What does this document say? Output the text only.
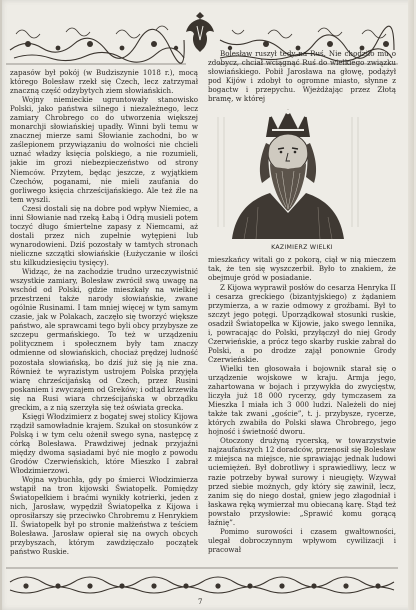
zapasów był pokój (w Budziszynie 1018 r.), mocą którego Bolesław rzekł się Czech, lecz zatrzymał znaczną część odzybytych ziem słowiańskich.

Wojny niemieckie ugruntowały stanowisko Polski, jako państwa silnego i niezależnego, lecz zamiary Chrobrego co do utworzenia większej monarchji słowiańskiej upadły. Winni byli temu w znacznej mierze sami Słowianie zachodni, bo w zaślepionem przywiązaniu do wolności nie chcieli uznać władzy księcia polskiego, a nie rozumieli, jakie im grozi niebezpieczeństwo od strony Niemców. Przytem, będąc jeszcze, z wyjątkiem Czechów, poganami, nie mieli zaufania do gorliwego księcia chrześcijańskiego. Ale też źle na tem wyszli.

Czesi dostali się na dobre pod wpływ Niemiec, a inni Słowianie nad rzeką Łabą i Odrą musieli potem toczyć długo śmiertelne zapasy z Niemcami, aż dostali przez nich zupełnie wytępieni lub wynarodowieni. Dziś pozostały w tamtych stronach nieliczne szczątki słowiańskie (Łużyczanie w ilości stu kilkudziesięciu tysięcy).

Widząc, że na zachodzie trudno urzeczywistnić wszystkie zamiary, Bolesław zwrócił swą uwagę na wschód od Polski, gdzie mieszkały na wielkiej przestrzeni także narody słowiańskie, zwane ogólnie Rusinami. I tam mniej więcej w tym samym czasie, jak w Polakach, zaczęło się tworzyć większe państwo, ale sprawcami tego byli obcy przybysze ze szczepu germańskiego. To też w urządzeniu politycznem i społecznem były tam znaczy odmienne od słowiańskich, chociaż prędzej ludność pozostała słowiańską, bo dziś już się ją nie zna. Również te wyrazistym ustrojem Polska przyjęła wiarę chrześcijańską od Czech, przez Rusini poskaniem i zwyczajem od Greków; i odtąd krzewiła się na Rusi wiara chrześcijańska w obrządku greckim, a z nią szerzyła się też oświata grecka.

Księgi Włodzimierz z bogatej swej stolicy Kijowa rządził samowładnie krajem. Szukał on stosunków z Polską i w tym celu ożenił swego syna, następcę z córką Bolesława. Prawdziwej jednak przyjaźni między dwoma sąsiadami być nie mogło z powodu Grodów Czerwieńskich, które Mieszko I zabrał Włodzimierzowi.

Wojna wybuchła, gdy po śmierci Włodzimierza wstąpił na tron kijowski Światopełk. Pomiędzy Światopełkiem i braćmi wynikły kotrierki, jeden z nich, Jarosław, wypędził Światopełka z Kijowa i oprosiłarszy się przeciwko Chrobremu z Henrykiem II. Światopełk był po stronie małżeństwa z teściem Bolesława. Jarosław opierał się na owych obcych przybyszach, którym zawdzięczało początek państwo Ruskie.

Bolesław ruszył tedy na Ruś. Nie chodziło mu o zdobycz, chciał wciągnąć Ruś do wielkiego związku słowiańskiego. Pobił Jarosława na głowę, podążył pod Kijów i zdobył to ogromne miasto, słynne z bogactw i przepychu. Wjeżdżając przez Złotą bramę, w której

KAZIMIERZ WIELKI

mieszkańcy witali go z pokorą, ciął w nią mieczem tak, że ten się wyszczerbił. Było to znakiem, że obejmuje gród w posiadanie.

Z Kijowa wyprawił posłów do cesarza Henryka II i cesarza greckiego (bizantyjskiego) z żądaniem przymierza, a w razie odmowy z groźbami. Był to szczyt jego potęgi. Uporządkował stosunki ruskie, osadził Światopełka w Kijowie, jako swego lennika, i, powracając do Polski, przyłączył do niej Grody Czerwieńskie, a prócz tego skarby ruskie zabrał do Polski, a po drodze zajął ponownie Grody Czerwieńskie.

Wielki ten głosowała i bojownik starał się o urządzenie wojskowe w kraju. Armja jego, zahartowana w bojach i przywykła do zwycięstw, liczyła już 18 000 rycerzy, gdy tymczasem za Mieszka I miała ich 3 000 ludzi. Należeli do niej także tak zwani „goście”, t. j. przybysze, rycerze, których zwabiła do Polski sława Chrobrego, jego hojność i świetność dworu.

Otoczony drużyną rycerską, w towarzystwie najzaufańszych 12 doradców, przenosił się Bolesław z miejsca na miejsce, nie sprawiając jednak ludowi uciemiężeń. Był dobrotliwy i sprawiedliwy, lecz w razie potrzeby bywał surowy i nieugięty. Wzywał przed siebie możnych, gdy który się zawinił, lecz, zanim się do niego dostał, gniew jego złagodniał i łaskawa ręką wymierzał mu obiecaną karę. Stąd też powstało przysłowie: „Sprawić komu gorącą łaźnię”.

Pomimo surowości i czasem gwałtowności, ulegał dobroczynnym wpływom cywilizacji i pracował

7
